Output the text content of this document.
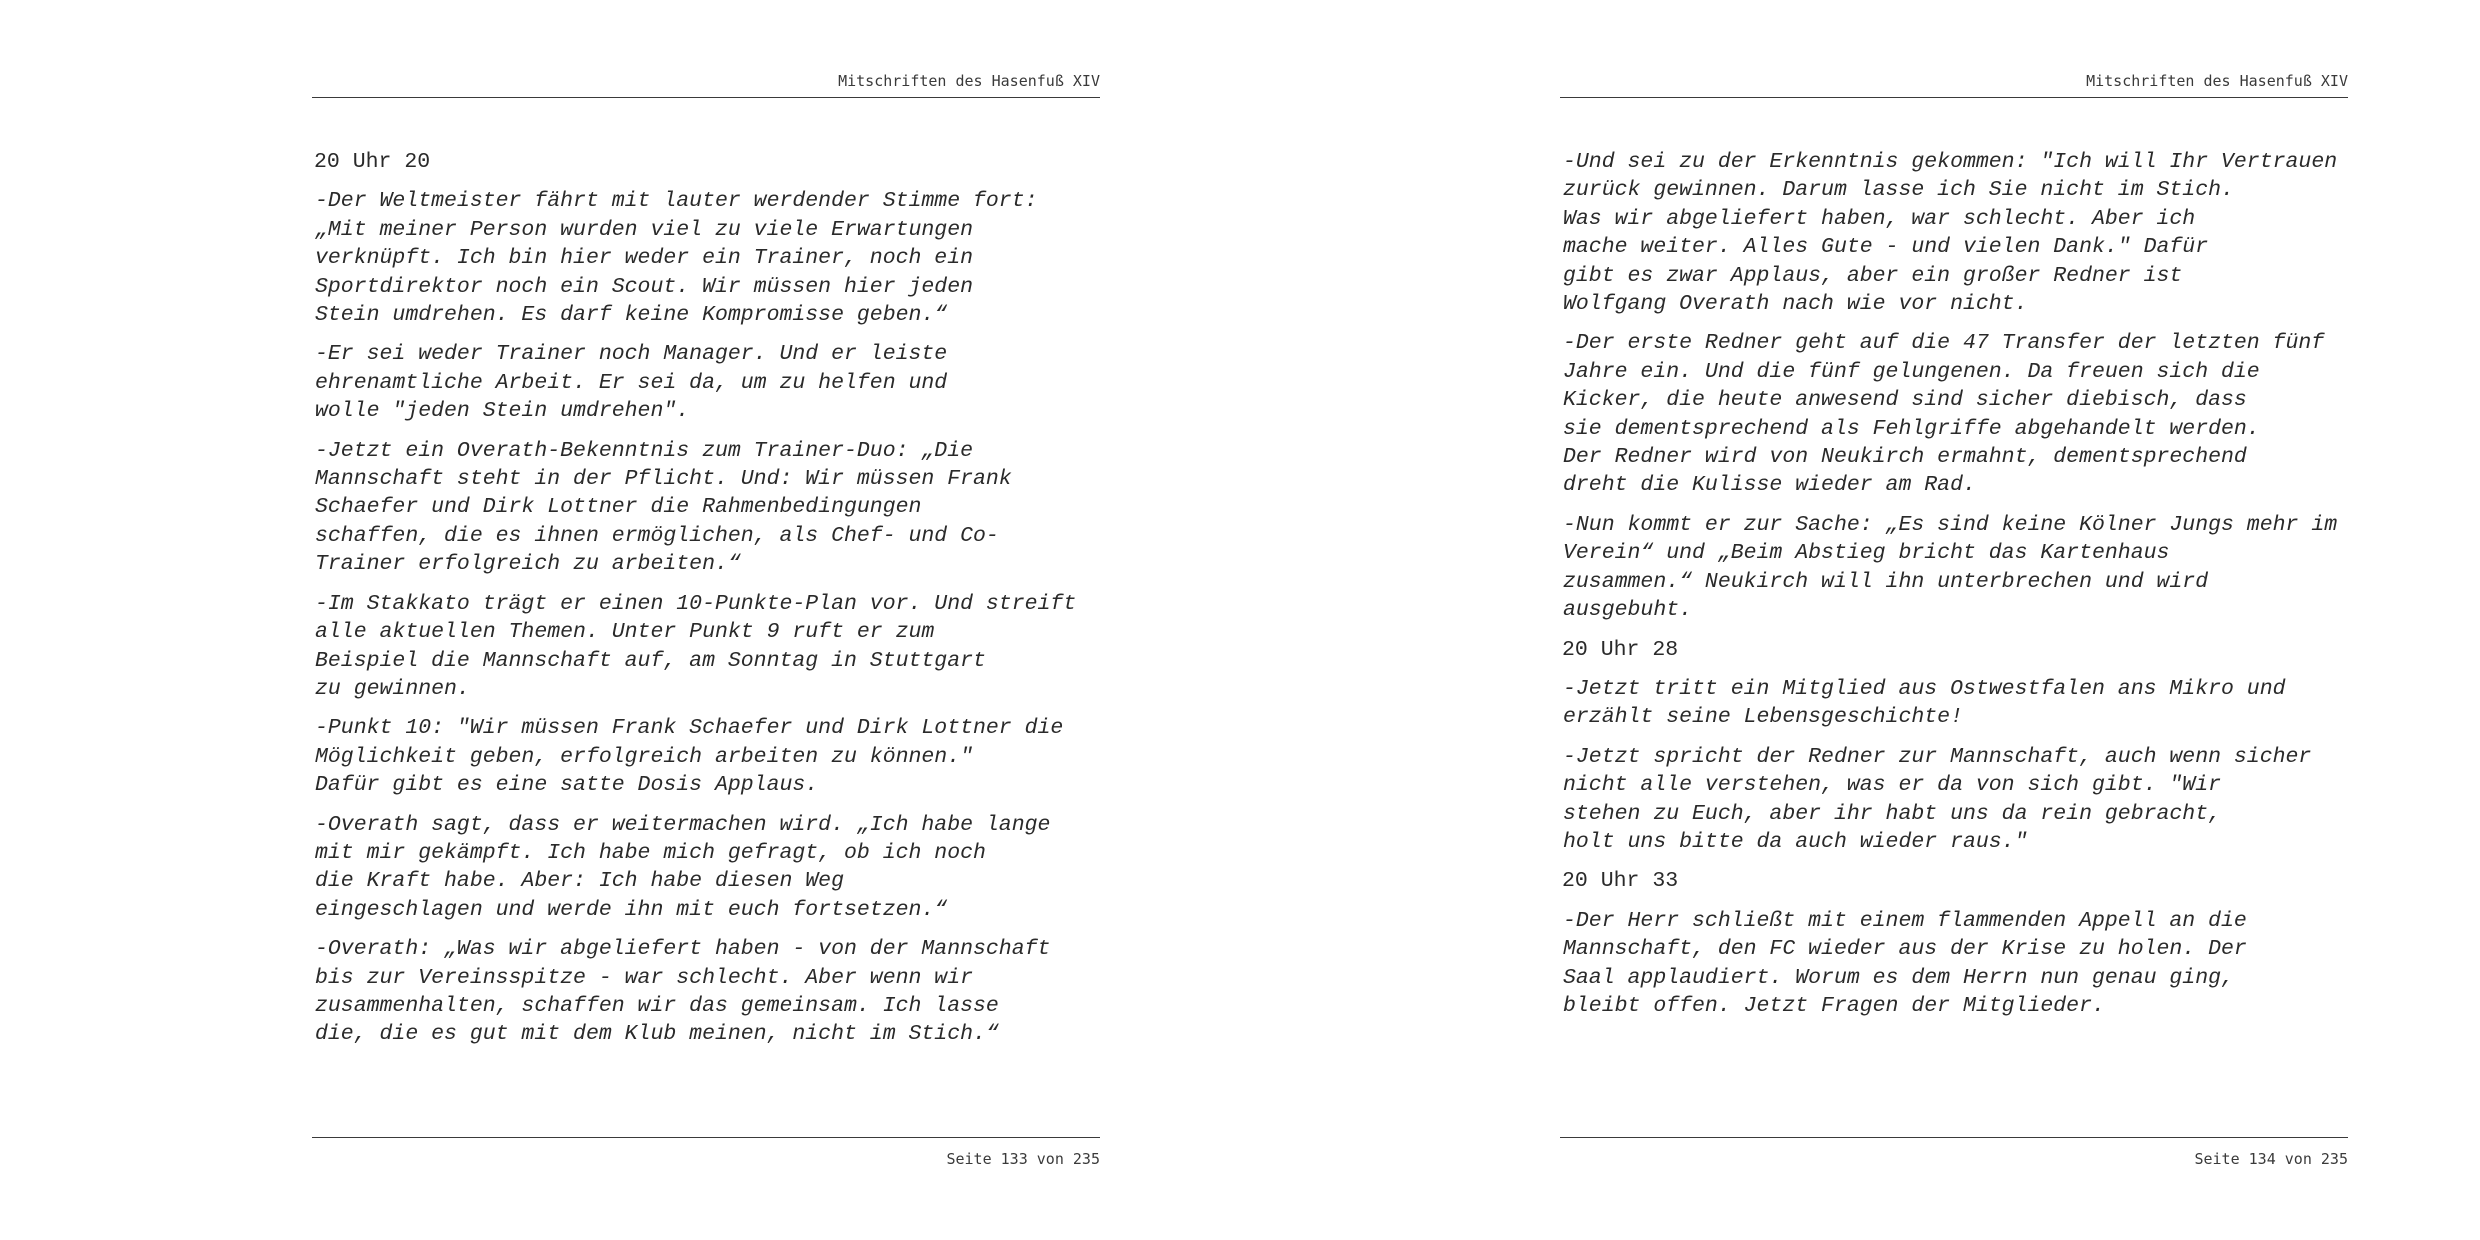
Mitschriften des Hasenfuß XIV
20 Uhr 20
-Der Weltmeister fährt mit lauter werdender Stimme fort:
„Mit meiner Person wurden viel zu viele Erwartungen
verknüpft. Ich bin hier weder ein Trainer, noch ein
Sportdirektor noch ein Scout. Wir müssen hier jeden
Stein umdrehen. Es darf keine Kompromisse geben.“
-Er sei weder Trainer noch Manager. Und er leiste
ehrenamtliche Arbeit. Er sei da, um zu helfen und
wolle "jeden Stein umdrehen".
-Jetzt ein Overath-Bekenntnis zum Trainer-Duo: „Die
Mannschaft steht in der Pflicht. Und: Wir müssen Frank
Schaefer und Dirk Lottner die Rahmenbedingungen
schaffen, die es ihnen ermöglichen, als Chef- und Co-
Trainer erfolgreich zu arbeiten.“
-Im Stakkato trägt er einen 10-Punkte-Plan vor. Und streift
alle aktuellen Themen. Unter Punkt 9 ruft er zum
Beispiel die Mannschaft auf, am Sonntag in Stuttgart
zu gewinnen.
-Punkt 10: "Wir müssen Frank Schaefer und Dirk Lottner die
Möglichkeit geben, erfolgreich arbeiten zu können."
Dafür gibt es eine satte Dosis Applaus.
-Overath sagt, dass er weitermachen wird. „Ich habe lange
mit mir gekämpft. Ich habe mich gefragt, ob ich noch
die Kraft habe. Aber: Ich habe diesen Weg
eingeschlagen und werde ihn mit euch fortsetzen.“
-Overath: „Was wir abgeliefert haben - von der Mannschaft
bis zur Vereinsspitze - war schlecht. Aber wenn wir
zusammenhalten, schaffen wir das gemeinsam. Ich lasse
die, die es gut mit dem Klub meinen, nicht im Stich.“
Seite 133 von 235
Mitschriften des Hasenfuß XIV
-Und sei zu der Erkenntnis gekommen: "Ich will Ihr Vertrauen
zurück gewinnen. Darum lasse ich Sie nicht im Stich.
Was wir abgeliefert haben, war schlecht. Aber ich
mache weiter. Alles Gute - und vielen Dank." Dafür
gibt es zwar Applaus, aber ein großer Redner ist
Wolfgang Overath nach wie vor nicht.
-Der erste Redner geht auf die 47 Transfer der letzten fünf
Jahre ein. Und die fünf gelungenen. Da freuen sich die
Kicker, die heute anwesend sind sicher diebisch, dass
sie dementsprechend als Fehlgriffe abgehandelt werden.
Der Redner wird von Neukirch ermahnt, dementsprechend
dreht die Kulisse wieder am Rad.
-Nun kommt er zur Sache: „Es sind keine Kölner Jungs mehr im
Verein“ und „Beim Abstieg bricht das Kartenhaus
zusammen.“ Neukirch will ihn unterbrechen und wird
ausgebuht.
20 Uhr 28
-Jetzt tritt ein Mitglied aus Ostwestfalen ans Mikro und
erzählt seine Lebensgeschichte!
-Jetzt spricht der Redner zur Mannschaft, auch wenn sicher
nicht alle verstehen, was er da von sich gibt. "Wir
stehen zu Euch, aber ihr habt uns da rein gebracht,
holt uns bitte da auch wieder raus."
20 Uhr 33
-Der Herr schließt mit einem flammenden Appell an die
Mannschaft, den FC wieder aus der Krise zu holen. Der
Saal applaudiert. Worum es dem Herrn nun genau ging,
bleibt offen. Jetzt Fragen der Mitglieder.
Seite 134 von 235
